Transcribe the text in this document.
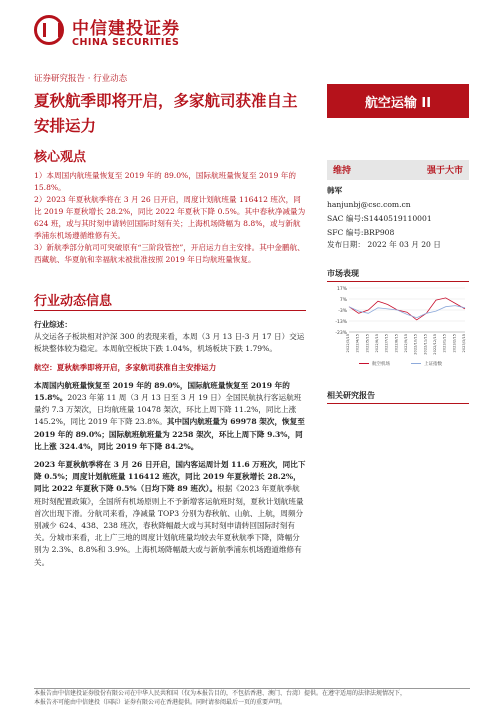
中信建投证券
CHINA SECURITIES
证券研究报告 · 行业动态
夏秋航季即将开启，多家航司获准自主安排运力
航空运输 II
核心观点

1）本周国内航班量恢复至 2019 年的 89.0%，国际航班量恢复至 2019 年的 15.8%。

2）2023 年夏秋航季将在 3 月 26 日开启，周度计划航班量 116412 班次，同比 2019 年夏秋增长 28.2%，同比 2022 年夏秋下降 0.5%。其中春秋净减量为 624 班，或与其时刻申请转回国际时刻有关；上海机场降幅为 8.8%，或与新航季浦东机场遵循维修有关。

3）新航季部分航司可突破原有“三阶段管控”，开启运力自主安排。其中金鹏航、西藏航、华夏航和幸福航未被批准按照 2019 年日均航班量恢复。

行业动态信息
行业综述：
从交运各子板块相对沪深 300 的表现来看，本周（3 月 13 日-3 月 17 日）交运板块整体较为稳定。本周航空板块下跌 1.04%，机场板块下跌 1.79%。
航空：夏秋航季即将开启，多家航司获准自主安排运力
本周国内航班量恢复至 2019 年的 89.0%，国际航班量恢复至 2019 年的 15.8%。2023 年第 11 周（3 月 13 日至 3 月 19 日）全国民航执行客运航班量约 7.3 万架次，日均航班量 10478 架次，环比上周下降 11.2%，同比上涨 145.2%，同比 2019 年下降 23.8%。其中国内航班量为 69978 架次，恢复至 2019 年的 89.0%；国际航班航班量为 2258 架次，环比上周下降 9.3%，同比上涨 324.4%，同比 2019 年下降 84.2%。
2023 年夏秋航季将在 3 月 26 日开启，国内客运周计划 11.6 万班次，同比下降 0.5%；周度计划航班量 116412 班次，同比 2019 年夏秋增长 28.2%，同比 2022 年夏秋下降 0.5%（日均下降 89 班次）。根据《2023 年夏航季航班时刻配置政策》，全国所有机场原则上不予新增客运航班时刻，夏秋计划航班量首次出现下滑。分航司来看，净减量 TOP3 分别为春秋航、山航、上航，周频分别减少 624、438、238 班次，春秋降幅最大或与其时刻申请转回国际时刻有关。分城市来看，北上广三地的周度计划航班量均较去年夏秋航季下降，降幅分别为 2.3%、8.8%和 3.9%。上海机场降幅最大或与新航季浦东机场跑道维修有关。
维持	强于大市
韩军
hanjunbj@csc.com.cn
SAC 编号:S1440519110001
SFC 编号:BRP908
发布日期： 2022 年 03 月 20 日
市场表现
17%
7%
-3%
-13%
-23%
2022/3/15 2022/4/15 2022/5/15 2022/6/15 2022/7/15 2022/8/15 2022/9/15 2022/10/15 2022/11/15 2022/12/15 2023/1/15 2023/2/15 2023/3/15
航空机场	上证指数
相关研究报告
本报告由中信建投证券股份有限公司在中华人民共和国（仅为本报告目的，不包括香港、澳门、台湾）提供。在遵守适用的法律法规情况下，
本报告亦可能由中信建投（国际）证券有限公司在香港提供。同时请参阅最后一页的重要声明。
